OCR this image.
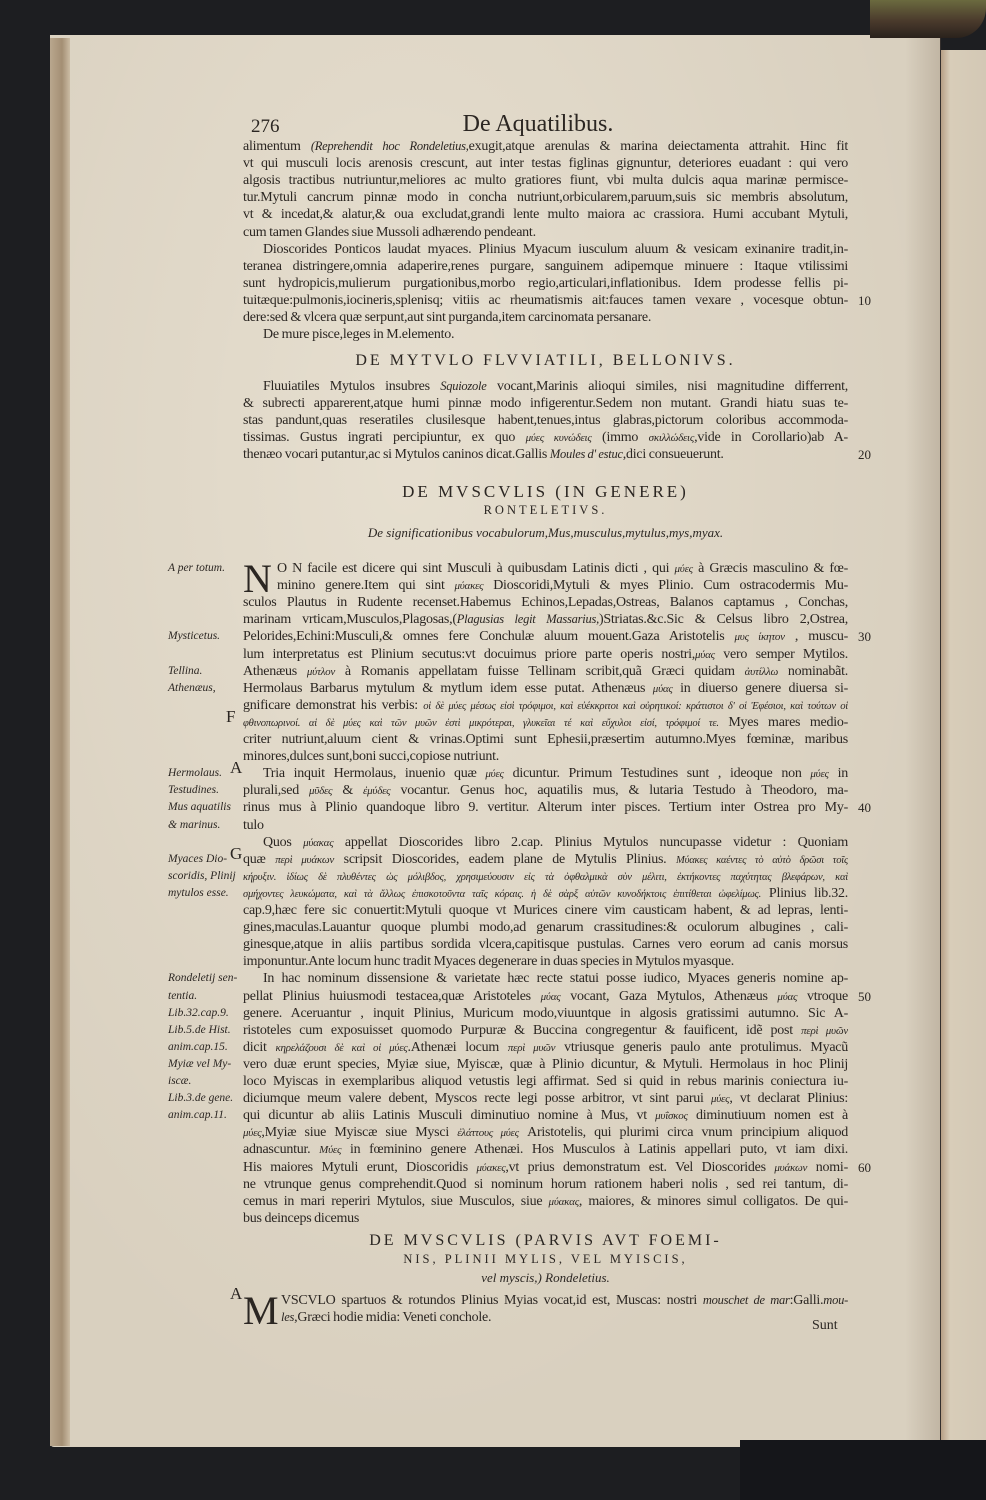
276	De Aquatilibus.
DE MYTVLO FLVVIATILI, BELLONIVS.
DE MVSCVLIS (IN GENERE)
RONTELETIVS.
De significationibus vocabulorum,Mus,musculus,mytulus,mys,myax.
DE MVSCVLIS (PARVIS AVT FOEMI-
NIS, PLINII MYLIS, VEL MYISCIS,
vel myscis,) Rondeletius.
Sunt
alimentum (Reprehendit hoc Rondeletius,exugit,atque arenulas & marina deiectamenta attrahit. Hinc fit
vt qui musculi locis arenosis crescunt, aut inter testas figlinas gignuntur, deteriores euadant : qui vero
algosis tractibus nutriuntur,meliores ac multo gratiores fiunt, vbi multa dulcis aqua marinæ permisce-
tur.Mytuli cancrum pinnæ modo in concha nutriunt,orbicularem,paruum,suis sic membris absolutum,
vt & incedat,& alatur,& oua excludat,grandi lente multo maiora ac crassiora. Humi accubant Mytuli,
cum tamen Glandes siue Mussoli adhærendo pendeant.
Dioscorides Ponticos laudat myaces. Plinius Myacum iusculum aluum & vesicam exinanire tradit,in-
teranea distringere,omnia adaperire,renes purgare, sanguinem adipemque minuere : Itaque vtilissimi
sunt hydropicis,mulierum purgationibus,morbo regio,articulari,inflationibus. Idem prodesse fellis pi-
tuitæque:pulmonis,iocineris,splenisq; vitiis ac rheumatismis ait:fauces tamen vexare , vocesque obtun-
dere:sed & vlcera quæ serpunt,aut sint purganda,item carcinomata persanare.
De mure pisce,leges in M.elemento.
Fluuiatiles Mytulos insubres Squiozole vocant,Marinis alioqui similes, nisi magnitudine differrent,
& subrecti apparerent,atque humi pinnæ modo infigerentur.Sedem non mutant. Grandi hiatu suas te-
stas pandunt,quas reseratiles clusilesque habent,tenues,intus glabras,pictorum coloribus accommoda-
tissimas. Gustus ingrati percipiuntur, ex quo μύες κυνώδεις (immo σκιλλώδεις,vide in Corollario)ab A-
thenæo vocari putantur,ac si Mytulos caninos dicat.Gallis Moules d' estuc,dici consueuerunt.
O N facile est dicere qui sint Musculi à quibusdam Latinis dicti , qui μύες à Græcis masculino & fœ-
minino genere.Item qui sint μύακες Dioscoridi,Mytuli & myes Plinio. Cum ostracodermis Mu-
sculos Plautus in Rudente recenset.Habemus Echinos,Lepadas,Ostreas, Balanos captamus , Conchas,
marinam vrticam,Musculos,Plagosas,(Plagusias legit Massarius,)Striatas.&c.Sic & Celsus libro 2,Ostrea,
Pelorides,Echini:Musculi,& omnes fere Conchulæ aluum mouent.Gaza Aristotelis μυς ίκητον , muscu-
lum interpretatus est Plinium secutus:vt docuimus priore parte operis nostri,μύας vero semper Mytilos.
Athenæus μύτλον à Romanis appellatam fuisse Tellinam scribit,quã Græci quidam ἀυτίλλω nominabãt.
Hermolaus Barbarus mytulum & mytlum idem esse putat. Athenæus μύας in diuerso genere diuersa si-
gnificare demonstrat his verbis: οἱ δὲ μύες μέσως εἰσὶ τρόφιμοι, καὶ εὐέκκριτοι καὶ οὐρητικοί: κράτιστοι δ' οἱ Ἐφέσιοι, καὶ τούτων οἱ
φθινοπωρινοί. αἱ δὲ μύες καὶ τῶν μυῶν ἐστὶ μικρότεραι, γλυκεῖαι τέ καὶ εὔχυλοι εἰσί, τρόφιμοί τε. Myes mares medio-
criter nutriunt,aluum cient & vrinas.Optimi sunt Ephesii,præsertim autumno.Myes fœminæ, maribus
minores,dulces sunt,boni succi,copiose nutriunt.
Tria inquit Hermolaus, inuenio quæ μύες dicuntur. Primum Testudines sunt , ideoque non μύες in
plurali,sed μῦδες & ἐμύδες vocantur. Genus hoc, aquatilis mus, & lutaria Testudo à Theodoro, ma-
rinus mus à Plinio quandoque libro 9. vertitur. Alterum inter pisces. Tertium inter Ostrea pro My-
tulo
Quos μύακας appellat Dioscorides libro 2.cap. Plinius Mytulos nuncupasse videtur : Quoniam
quæ περὶ μυάκων scripsit Dioscorides, eadem plane de Mytulis Plinius. Μύακες καέντες τὸ αὐτὸ δρῶσι τοῖς
κήρυξιν. ἰδίως δὲ πλυθέντες ὡς μόλιβδος, χρησιμεύουσιν εἰς τὰ ὀφθαλμικὰ σὺν μέλιτι, ἐκτήκοντες παχύτητας βλεφάρων, καὶ
σμήχοντες λευκώματα, καὶ τὰ ἄλλως ἐπισκοτοῦντα ταῖς κόραις. ἡ δὲ σὰρξ αὐτῶν κυνοδήκτοις ἐπιτίθεται ὠφελίμως. Plinius lib.32.
cap.9,hæc fere sic conuertit:Mytuli quoque vt Murices cinere vim causticam habent, & ad lepras, lenti-
gines,maculas.Lauantur quoque plumbi modo,ad genarum crassitudines:& oculorum albugines , cali-
ginesque,atque in aliis partibus sordida vlcera,capitisque pustulas. Carnes vero eorum ad canis morsus
imponuntur.Ante locum hunc tradit Myaces degenerare in duas species in Mytulos myasque.
In hac nominum dissensione & varietate hæc recte statui posse iudico, Myaces generis nomine ap-
pellat Plinius huiusmodi testacea,quæ Aristoteles μύας vocant, Gaza Mytulos, Athenæus μύας vtroque
genere. Aceruantur , inquit Plinius, Muricum modo,viuuntque in algosis gratissimi autumno. Sic A-
ristoteles cum exposuisset quomodo Purpuræ & Buccina congregentur & fauificent, idẽ post περὶ μυῶν
dicit κηρελάζουσι δὲ καὶ οἱ μύες.Athenæi locum περὶ μυῶν vtriusque generis paulo ante protulimus. Myacũ
vero duæ erunt species, Myiæ siue, Myiscæ, quæ à Plinio dicuntur, & Mytuli. Hermolaus in hoc Plinij
loco Myiscas in exemplaribus aliquod vetustis legi affirmat. Sed si quid in rebus marinis coniectura iu-
diciumque meum valere debent, Myscos recte legi posse arbitror, vt sint parui μύες, vt declarat Plinius:
qui dicuntur ab aliis Latinis Musculi diminutiuo nomine à Mus, vt μυΐσκος diminutiuum nomen est à
μύες,Myiæ siue Myiscæ siue Mysci ἐλάττους μύες Aristotelis, qui plurimi circa vnum principium aliquod
adnascuntur. Μύες in fœminino genere Athenæi. Hos Musculos à Latinis appellari puto, vt iam dixi.
His maiores Mytuli erunt, Dioscoridis μύακες,vt prius demonstratum est. Vel Dioscorides μυάκων nomi-
ne vtrunque genus comprehendit.Quod si nominum horum rationem haberi nolis , sed rei tantum, di-
cemus in mari reperiri Mytulos, siue Musculos, siue μύακας, maiores, & minores simul colligatos. De qui-
bus deinceps dicemus
N
VSCVLO spartuos & rotundos Plinius Myias vocat,id est, Muscas: nostri mouschet de mar:Galli.mou-
les,Græci hodie midia: Veneti conchole.
M
A per totum.
Mysticetus.
Tellina.
Athenæus,
Hermolaus.
Testudines.
Mus aquatilis
& marinus.
Myaces Dio-
scoridis, Plinij
mytulos esse.
Rondeletij sen-
tentia.
Lib.32.cap.9.
Lib.5.de Hist.
anim.cap.15.
Myiæ vel My-
iscæ.
Lib.3.de gene.
anim.cap.11.
F
A
G
A
10
20
30
40
50
60
